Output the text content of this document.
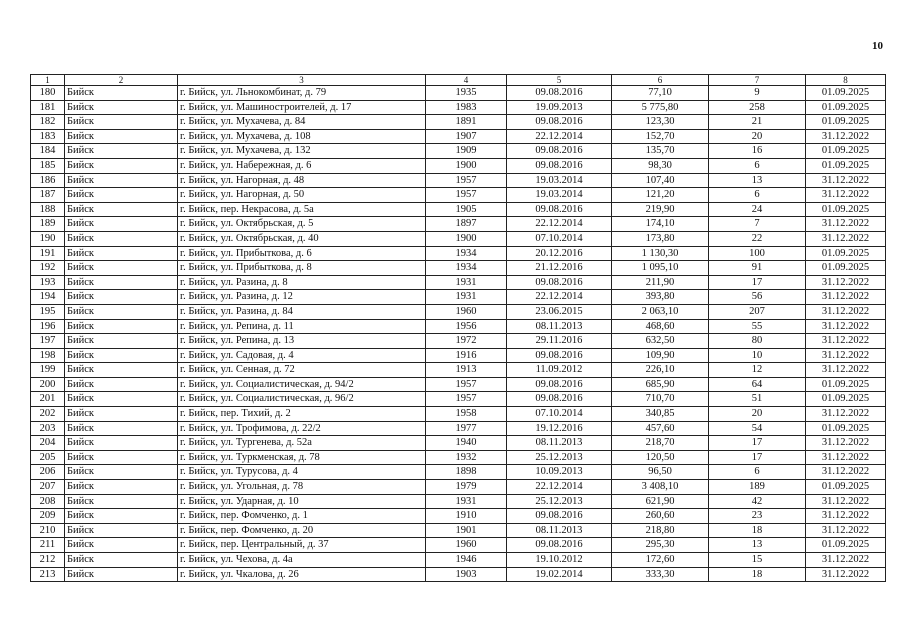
10
1	2	3	4	5	6	7	8
180	Бийск	г. Бийск, ул. Льнокомбинат, д. 79	1935	09.08.2016	77,10	9	01.09.2025
181	Бийск	г. Бийск, ул. Машиностроителей, д. 17	1983	19.09.2013	5 775,80	258	01.09.2025
182	Бийск	г. Бийск, ул. Мухачева, д. 84	1891	09.08.2016	123,30	21	01.09.2025
183	Бийск	г. Бийск, ул. Мухачева, д. 108	1907	22.12.2014	152,70	20	31.12.2022
184	Бийск	г. Бийск, ул. Мухачева, д. 132	1909	09.08.2016	135,70	16	01.09.2025
185	Бийск	г. Бийск, ул. Набережная, д. 6	1900	09.08.2016	98,30	6	01.09.2025
186	Бийск	г. Бийск, ул. Нагорная, д. 48	1957	19.03.2014	107,40	13	31.12.2022
187	Бийск	г. Бийск, ул. Нагорная, д. 50	1957	19.03.2014	121,20	6	31.12.2022
188	Бийск	г. Бийск, пер. Некрасова, д. 5а	1905	09.08.2016	219,90	24	01.09.2025
189	Бийск	г. Бийск, ул. Октябрьская, д. 5	1897	22.12.2014	174,10	7	31.12.2022
190	Бийск	г. Бийск, ул. Октябрьская, д. 40	1900	07.10.2014	173,80	22	31.12.2022
191	Бийск	г. Бийск, ул. Прибыткова, д. 6	1934	20.12.2016	1 130,30	100	01.09.2025
192	Бийск	г. Бийск, ул. Прибыткова, д. 8	1934	21.12.2016	1 095,10	91	01.09.2025
193	Бийск	г. Бийск, ул. Разина, д. 8	1931	09.08.2016	211,90	17	31.12.2022
194	Бийск	г. Бийск, ул. Разина, д. 12	1931	22.12.2014	393,80	56	31.12.2022
195	Бийск	г. Бийск, ул. Разина, д. 84	1960	23.06.2015	2 063,10	207	31.12.2022
196	Бийск	г. Бийск, ул. Репина, д. 11	1956	08.11.2013	468,60	55	31.12.2022
197	Бийск	г. Бийск, ул. Репина, д. 13	1972	29.11.2016	632,50	80	31.12.2022
198	Бийск	г. Бийск, ул. Садовая, д. 4	1916	09.08.2016	109,90	10	31.12.2022
199	Бийск	г. Бийск, ул. Сенная, д. 72	1913	11.09.2012	226,10	12	31.12.2022
200	Бийск	г. Бийск, ул. Социалистическая, д. 94/2	1957	09.08.2016	685,90	64	01.09.2025
201	Бийск	г. Бийск, ул. Социалистическая, д. 96/2	1957	09.08.2016	710,70	51	01.09.2025
202	Бийск	г. Бийск, пер. Тихий, д. 2	1958	07.10.2014	340,85	20	31.12.2022
203	Бийск	г. Бийск, ул. Трофимова, д. 22/2	1977	19.12.2016	457,60	54	01.09.2025
204	Бийск	г. Бийск, ул. Тургенева, д. 52а	1940	08.11.2013	218,70	17	31.12.2022
205	Бийск	г. Бийск, ул. Туркменская, д. 78	1932	25.12.2013	120,50	17	31.12.2022
206	Бийск	г. Бийск, ул. Турусова, д. 4	1898	10.09.2013	96,50	6	31.12.2022
207	Бийск	г. Бийск, ул. Угольная, д. 78	1979	22.12.2014	3 408,10	189	01.09.2025
208	Бийск	г. Бийск, ул. Ударная, д. 10	1931	25.12.2013	621,90	42	31.12.2022
209	Бийск	г. Бийск, пер. Фомченко, д. 1	1910	09.08.2016	260,60	23	31.12.2022
210	Бийск	г. Бийск, пер. Фомченко, д. 20	1901	08.11.2013	218,80	18	31.12.2022
211	Бийск	г. Бийск, пер. Центральный, д. 37	1960	09.08.2016	295,30	13	01.09.2025
212	Бийск	г. Бийск, ул. Чехова, д. 4а	1946	19.10.2012	172,60	15	31.12.2022
213	Бийск	г. Бийск, ул. Чкалова, д. 26	1903	19.02.2014	333,30	18	31.12.2022
